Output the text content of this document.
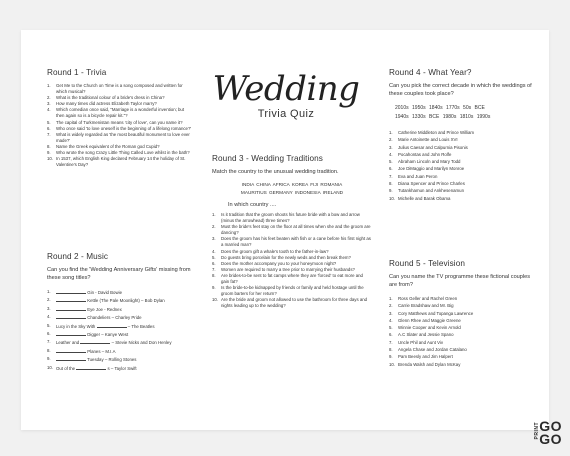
Round 1 - Trivia
1.	Get Me to the Church on Time is a song composed and written for which musical?
2.	What is the traditional colour of a bride's dress in China?
3.	How many times did actress Elizabeth Taylor marry?
4.	Which comedian once said, "Marriage is a wonderful invention; but then again so is a bicycle repair kit."?
5.	The capital of Turkmenistan means 'city of love', can you name it?
6.	Who once said 'to love oneself is the beginning of a lifelong romance?'
7.	What is widely regarded as 'the most beautiful monument to love ever made?'
8.	Name the Greek equivalent of the Roman god Cupid?
9.	Who wrote the song Crazy Little Thing Called Love whilst in the bath?
10. In 1537, which English King declared February 14 the holiday of St. Valentine's Day?
Round 2 - Music
Can you find the 'Wedding Anniversary Gifts' missing from these song titles?
1.	Gin - David Bowie
2.	Kettle (The Pale Moonlight) – Bob Dylan
3.	Eye Joe - Rednex
4.	Chandeliers – Charley Pride
5.	Lucy in the Sky With	– The Beatles
6.	Digger – Kanye West
7.	Leather and	– Stevie Nicks and Don Henley
8.	Planes – M.I.A
9.	Tuesday – Rolling Stones
10. Out of the	s – Taylor Swift
Wedding
Trivia Quiz
Round 3 - Wedding Traditions
Match the country to the unusual wedding tradition.
INDIA CHINA AFRICA KOREA FIJI ROMANIA
MAURITIUS GERMANY INDONESIA IRELAND
In which country ....
1.	Is it tradition that the groom shoots his future bride with a bow and arrow (minus the arrowhead) three times?
2.	Must the bride's feet stay on the floor at all times when she and the groom are dancing?
3.	Does the groom has his feet beaten with fish or a cane before his first night as a married man?
4.	Does the groom gift a whale's tooth to the father-in-law?
5.	Do guests bring porcelain for the newly weds and then break them?
6.	Does the mother accompany you to your honeymoon night?
7.	Women are required to marry a tree prior to marrying their husbands?
8.	Are brides-to-be sent to fat camps where they are 'forced' to eat more and gain fat?
9.	Is the bride-to-be kidnapped by friends or family and held hostage until the groom barters for her return?
10. Are the bride and groom not allowed to use the bathroom for three days and nights leading up to the wedding?
Round 4 - What Year?
Can you pick the correct decade in which the weddings of these couples took place?
2010s 1950s 1840s 1770s 50s BCE
1940s 1330s BCE 1980s 1810s 1990s
1.	Catherine Middleton and Prince William
2.	Marie Antoinette and Louis XVI
3.	Julius Caesar and Calpurnia Pisonis
4.	Pocahontas and John Rolfe
5.	Abraham Lincoln and Mary Todd
6.	Joe DiMaggio and Marilyn Monroe
7.	Eva and Juan Peron
8.	Diana Spencer and Prince Charles
9.	Tutankhamun and Ankhesenamun
10. Michelle and Barak Obama
Round 5 - Television
Can you name the TV programme these fictional couples are from?
1.	Ross Geller and Rachel Green
2.	Carrie Bradshaw and Mr. Big
3.	Cory Matthews and Topanga Lawrence
4.	Glenn Rhee and Maggie Greene
5.	Winnie Cooper and Kevin Arnold
6.	A.C Slater and Jessie Spano
7.	Uncle Phil and Aunt Viv
8.	Angela Chase and Jordan Catalano
9.	Pam Beesly and Jim Halpert
10. Brenda Walsh and Dylan McKay
PRINT GO
GO
